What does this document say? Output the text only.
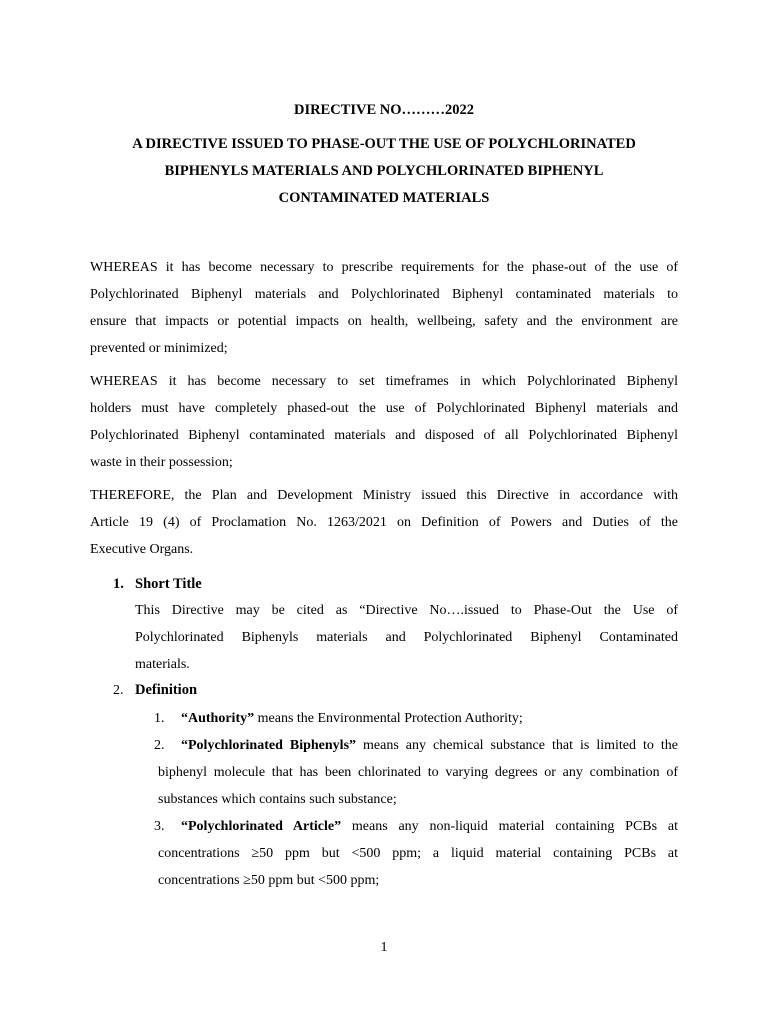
DIRECTIVE NO………2022
A DIRECTIVE ISSUED TO PHASE-OUT THE USE OF POLYCHLORINATED
BIPHENYLS MATERIALS AND POLYCHLORINATED BIPHENYL
CONTAMINATED MATERIALS
WHEREAS it has become necessary to prescribe requirements for the phase-out of the use of
Polychlorinated Biphenyl materials and Polychlorinated Biphenyl contaminated materials to
ensure that impacts or potential impacts on health, wellbeing, safety and the environment are
prevented or minimized;
WHEREAS it has become necessary to set timeframes in which Polychlorinated Biphenyl
holders must have completely phased-out the use of Polychlorinated Biphenyl materials and
Polychlorinated Biphenyl contaminated materials and disposed of all Polychlorinated Biphenyl
waste in their possession;
THEREFORE, the Plan and Development Ministry issued this Directive in accordance with
Article 19 (4) of Proclamation No. 1263/2021 on Definition of Powers and Duties of the
Executive Organs.
1. Short Title
This Directive may be cited as “Directive No….issued to Phase-Out the Use of
Polychlorinated Biphenyls materials and Polychlorinated Biphenyl Contaminated
materials.
2. Definition
1. “Authority” means the Environmental Protection Authority;
2.	“Polychlorinated Biphenyls” means any chemical substance that is limited to the
biphenyl molecule that has been chlorinated to varying degrees or any combination of
substances which contains such substance;
3.	“Polychlorinated Article” means any non-liquid material containing PCBs at
concentrations ≥50 ppm but <500 ppm; a liquid material containing PCBs at
concentrations ≥50 ppm but <500 ppm;
1
